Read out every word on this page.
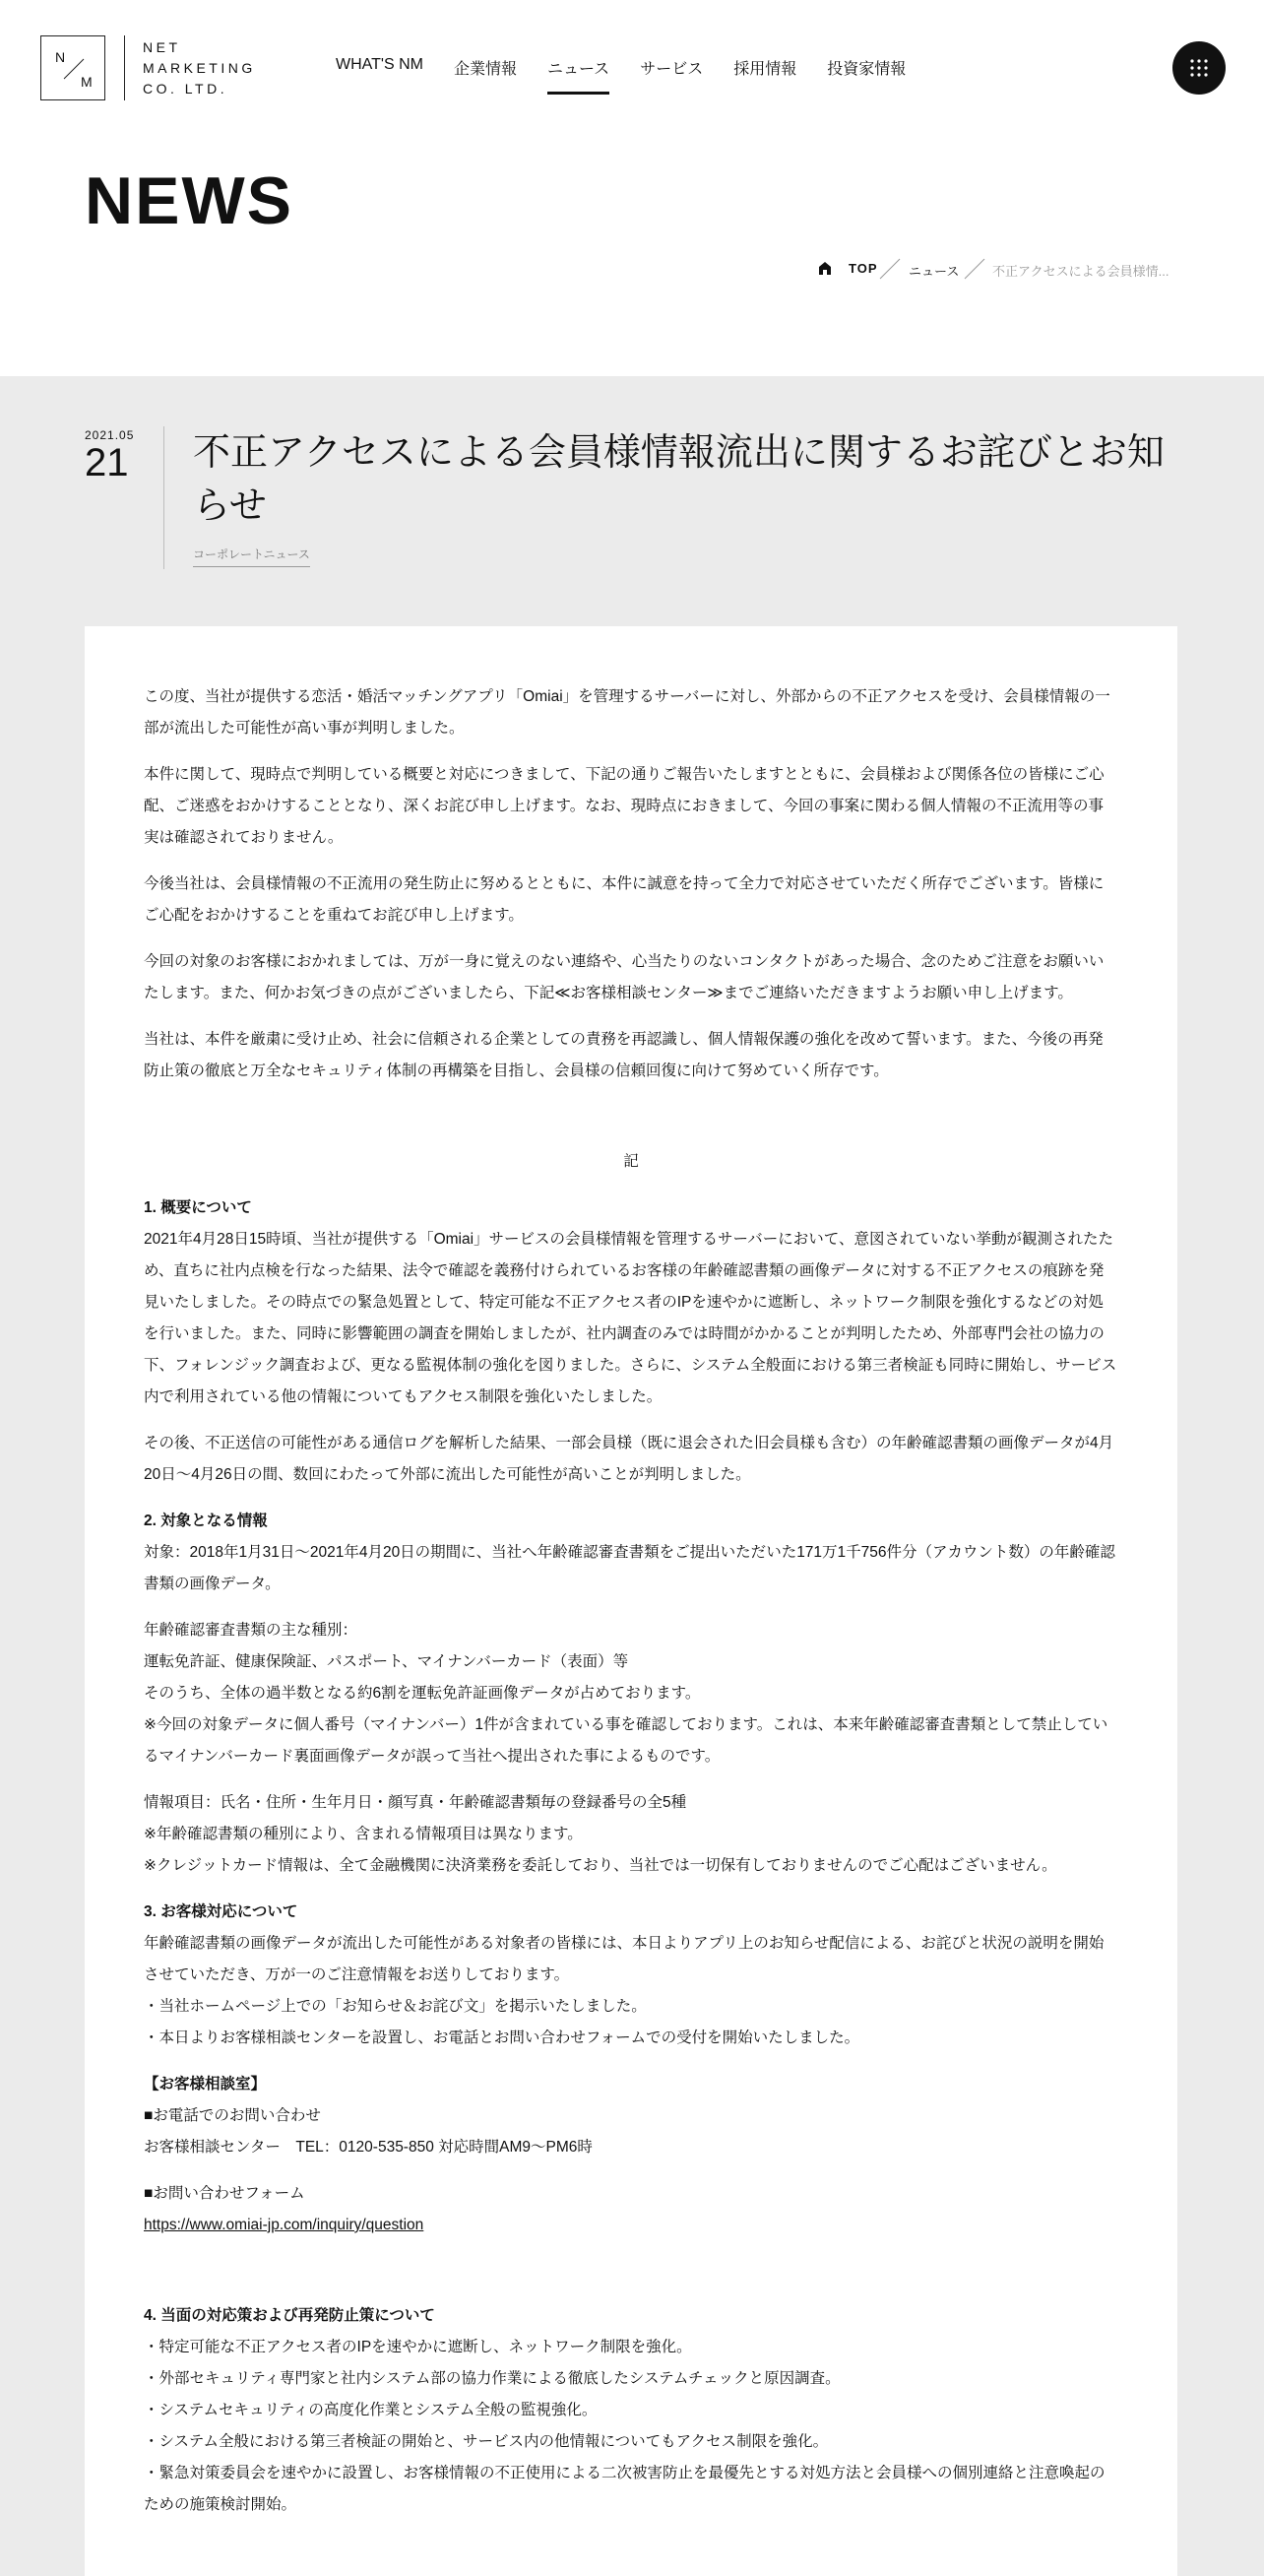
N
M
NET
MARKETING
CO. LTD.
WHAT'S NM 企業情報 ニュース サービス 採用情報 投資家情報
NEWS
TOP ニュース	不正アクセスによる会員様情...
2021.05
21 不正アクセスによる会員様情報流出に関するお詫びとお知らせ
コーポレートニュース

この度、当社が提供する恋活・婚活マッチングアプリ「Omiai」を管理するサーバーに対し、外部からの不正アクセスを受け、会員様情報の一部が流出した可能性が高い事が判明しました。

本件に関して、現時点で判明している概要と対応につきまして、下記の通りご報告いたしますとともに、会員様および関係各位の皆様にご心配、ご迷惑をおかけすることとなり、深くお詫び申し上げます。なお、現時点におきまして、今回の事案に関わる個人情報の不正流用等の事実は確認されておりません。

今後当社は、会員様情報の不正流用の発生防止に努めるとともに、本件に誠意を持って全力で対応させていただく所存でございます。皆様にご心配をおかけすることを重ねてお詫び申し上げます。

今回の対象のお客様におかれましては、万が一身に覚えのない連絡や、心当たりのないコンタクトがあった場合、念のためご注意をお願いいたします。また、何かお気づきの点がございましたら、下記≪お客様相談センター≫までご連絡いただきますようお願い申し上げます。

当社は、本件を厳粛に受け止め、社会に信頼される企業としての責務を再認識し、個人情報保護の強化を改めて誓います。また、今後の再発防止策の徹底と万全なセキュリティ体制の再構築を目指し、会員様の信頼回復に向けて努めていく所存です。

記

1. 概要について

2021年4月28日15時頃、当社が提供する「Omiai」サービスの会員様情報を管理するサーバーにおいて、意図されていない挙動が観測されたため、直ちに社内点検を行なった結果、法令で確認を義務付けられているお客様の年齢確認書類の画像データに対する不正アクセスの痕跡を発見いたしました。その時点での緊急処置として、特定可能な不正アクセス者のIPを速やかに遮断し、ネットワーク制限を強化するなどの対処を行いました。また、同時に影響範囲の調査を開始しましたが、社内調査のみでは時間がかかることが判明したため、外部専門会社の協力の下、フォレンジック調査および、更なる監視体制の強化を図りました。さらに、システム全般面における第三者検証も同時に開始し、サービス内で利用されている他の情報についてもアクセス制限を強化いたしました。

その後、不正送信の可能性がある通信ログを解析した結果、一部会員様（既に退会された旧会員様も含む）の年齢確認書類の画像データが4月20日～4月26日の間、数回にわたって外部に流出した可能性が高いことが判明しました。

2. 対象となる情報

対象：2018年1月31日～2021年4月20日の期間に、当社へ年齢確認審査書類をご提出いただいた171万1千756件分（アカウント数）の年齢確認書類の画像データ。

年齢確認審査書類の主な種別：

運転免許証、健康保険証、パスポート、マイナンバーカード（表面）等

そのうち、全体の過半数となる約6割を運転免許証画像データが占めております。

※今回の対象データに個人番号（マイナンバー）1件が含まれている事を確認しております。これは、本来年齢確認審査書類として禁止しているマイナンバーカード裏面画像データが誤って当社へ提出された事によるものです。

情報項目：氏名・住所・生年月日・顔写真・年齢確認書類毎の登録番号の全5種

※年齢確認書類の種別により、含まれる情報項目は異なります。

※クレジットカード情報は、全て金融機関に決済業務を委託しており、当社では一切保有しておりませんのでご心配はございません。

3. お客様対応について

年齢確認書類の画像データが流出した可能性がある対象者の皆様には、本日よりアプリ上のお知らせ配信による、お詫びと状況の説明を開始させていただき、万が一のご注意情報をお送りしております。

・当社ホームページ上での「お知らせ＆お詫び文」を掲示いたしました。

・本日よりお客様相談センターを設置し、お電話とお問い合わせフォームでの受付を開始いたしました。

【お客様相談室】

■お電話でのお問い合わせ

お客様相談センター　TEL：0120-535-850 対応時間AM9～PM6時

■お問い合わせフォーム

https://www.omiai-jp.com/inquiry/question

4. 当面の対応策および再発防止策について

・特定可能な不正アクセス者のIPを速やかに遮断し、ネットワーク制限を強化。

・外部セキュリティ専門家と社内システム部の協力作業による徹底したシステムチェックと原因調査。

・システムセキュリティの高度化作業とシステム全般の監視強化。

・システム全般における第三者検証の開始と、サービス内の他情報についてもアクセス制限を強化。

・緊急対策委員会を速やかに設置し、お客様情報の不正使用による二次被害防止を最優先とする対処方法と会員様への個別連絡と注意喚起のための施策検討開始。
